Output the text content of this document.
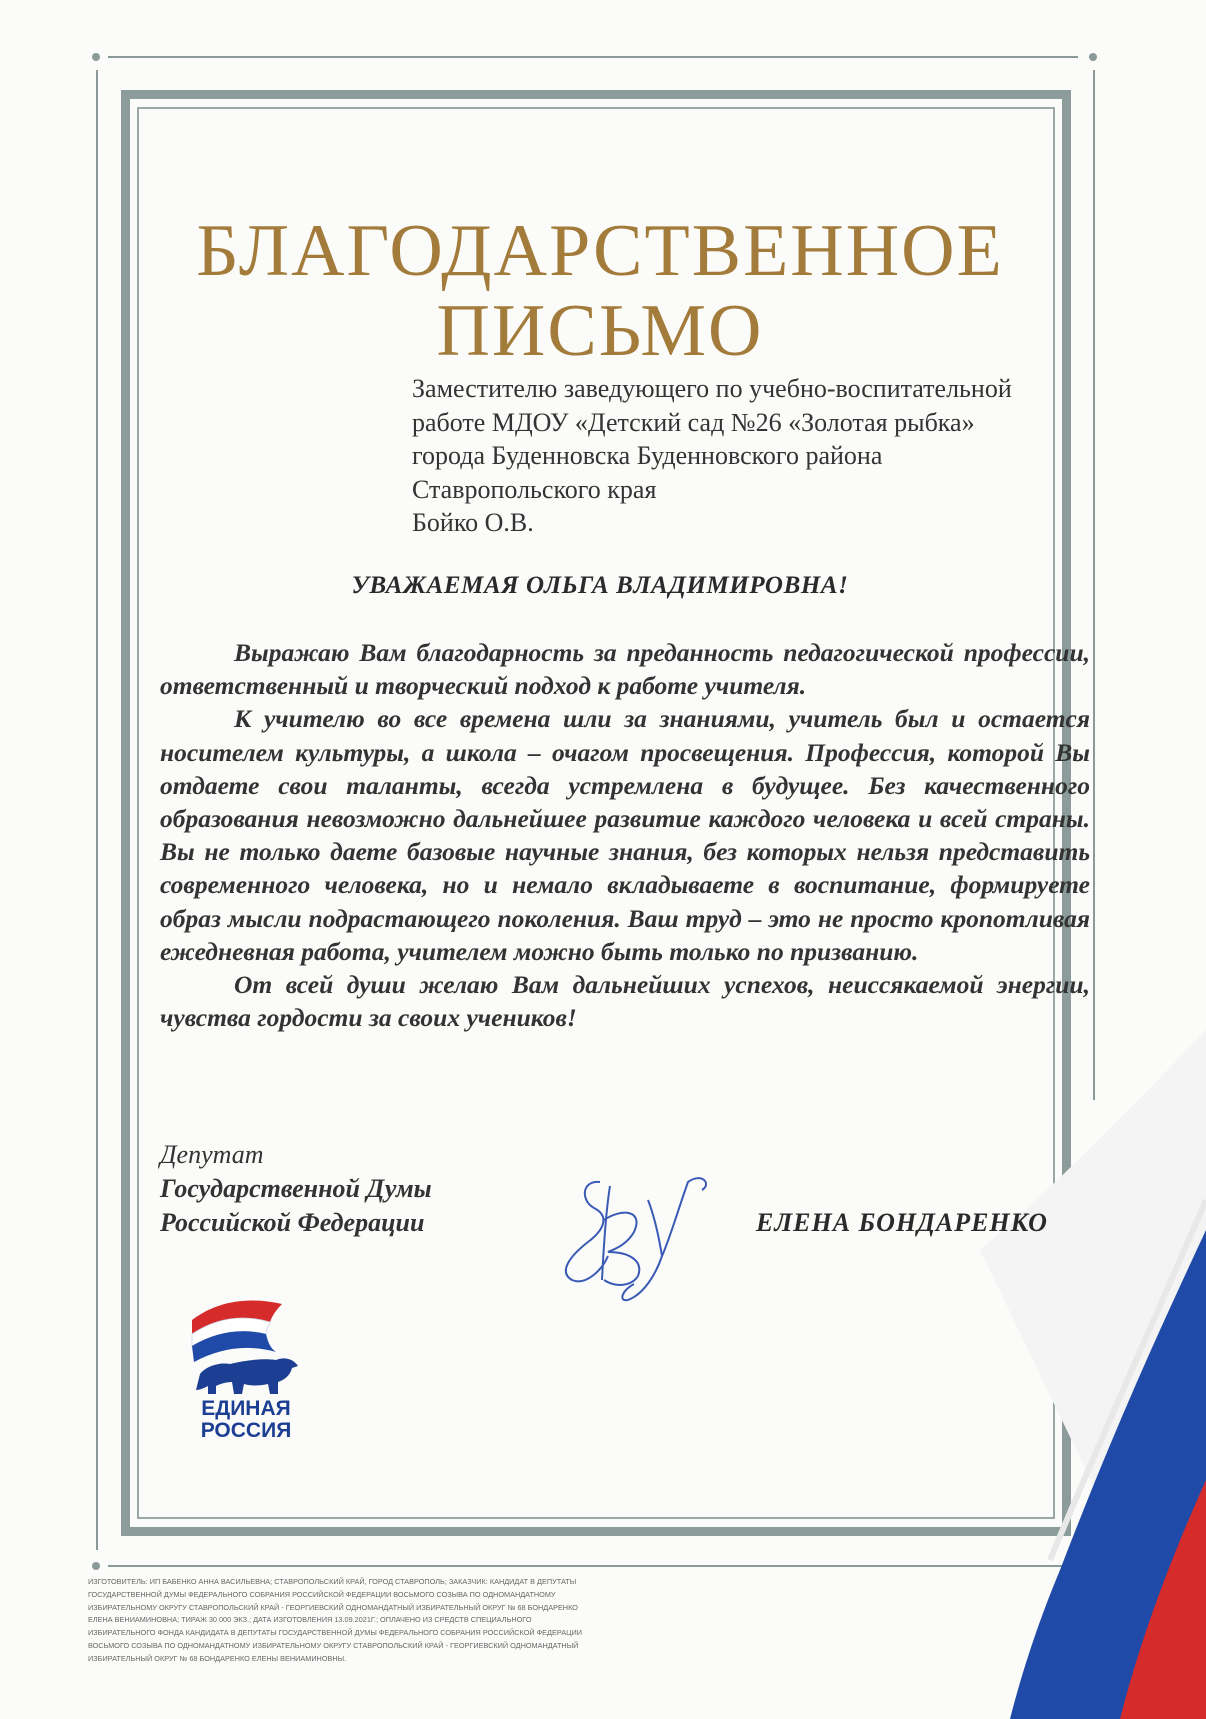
БЛАГОДАРСТВЕННОЕ
ПИСЬМО
Заместителю заведующего по учебно-воспитательной
работе МДОУ «Детский сад №26 «Золотая рыбка»
города Буденновска Буденновского района
Ставропольского края
Бойко О.В.
УВАЖАЕМАЯ ОЛЬГА ВЛАДИМИРОВНА!

Выражаю Вам благодарность за преданность педагогической профессии, ответственный и творческий подход к работе учителя.

К учителю во все времена шли за знаниями, учитель был и остается носителем культуры, а школа – очагом просвещения. Профессия, которой Вы отдаете свои таланты, всегда устремлена в будущее. Без качественного образования невозможно дальнейшее развитие каждого человека и всей страны. Вы не только даете базовые научные знания, без которых нельзя представить современного человека, но и немало вкладываете в воспитание, формируете образ мысли подрастающего поколения. Ваш труд – это не просто кропотливая ежедневная работа, учителем можно быть только по призванию.

От всей души желаю Вам дальнейших успехов, неиссякаемой энергии, чувства гордости за своих учеников!

Депутат
Государственной Думы
Российской Федерации	ЕЛЕНА БОНДАРЕНКО
ЕДИНАЯ
РОССИЯ
ИЗГОТОВИТЕЛЬ: ИП БАБЕНКО АННА ВАСИЛЬЕВНА; СТАВРОПОЛЬСКИЙ КРАЙ, ГОРОД СТАВРОПОЛЬ; ЗАКАЗЧИК: КАНДИДАТ В ДЕПУТАТЫ
ГОСУДАРСТВЕННОЙ ДУМЫ ФЕДЕРАЛЬНОГО СОБРАНИЯ РОССИЙСКОЙ ФЕДЕРАЦИИ ВОСЬМОГО СОЗЫВА ПО ОДНОМАНДАТНОМУ
ИЗБИРАТЕЛЬНОМУ ОКРУГУ СТАВРОПОЛЬСКИЙ КРАЙ - ГЕОРГИЕВСКИЙ ОДНОМАНДАТНЫЙ ИЗБИРАТЕЛЬНЫЙ ОКРУГ № 68 БОНДАРЕНКО
ЕЛЕНА ВЕНИАМИНОВНА; ТИРАЖ 30 000 ЭКЗ.; ДАТА ИЗГОТОВЛЕНИЯ 13.09.2021Г.; ОПЛАЧЕНО ИЗ СРЕДСТВ СПЕЦИАЛЬНОГО
ИЗБИРАТЕЛЬНОГО ФОНДА КАНДИДАТА В ДЕПУТАТЫ ГОСУДАРСТВЕННОЙ ДУМЫ ФЕДЕРАЛЬНОГО СОБРАНИЯ РОССИЙСКОЙ ФЕДЕРАЦИИ
ВОСЬМОГО СОЗЫВА ПО ОДНОМАНДАТНОМУ ИЗБИРАТЕЛЬНОМУ ОКРУГУ СТАВРОПОЛЬСКИЙ КРАЙ - ГЕОРГИЕВСКИЙ ОДНОМАНДАТНЫЙ
ИЗБИРАТЕЛЬНЫЙ ОКРУГ № 68 БОНДАРЕНКО ЕЛЕНЫ ВЕНИАМИНОВНЫ.
